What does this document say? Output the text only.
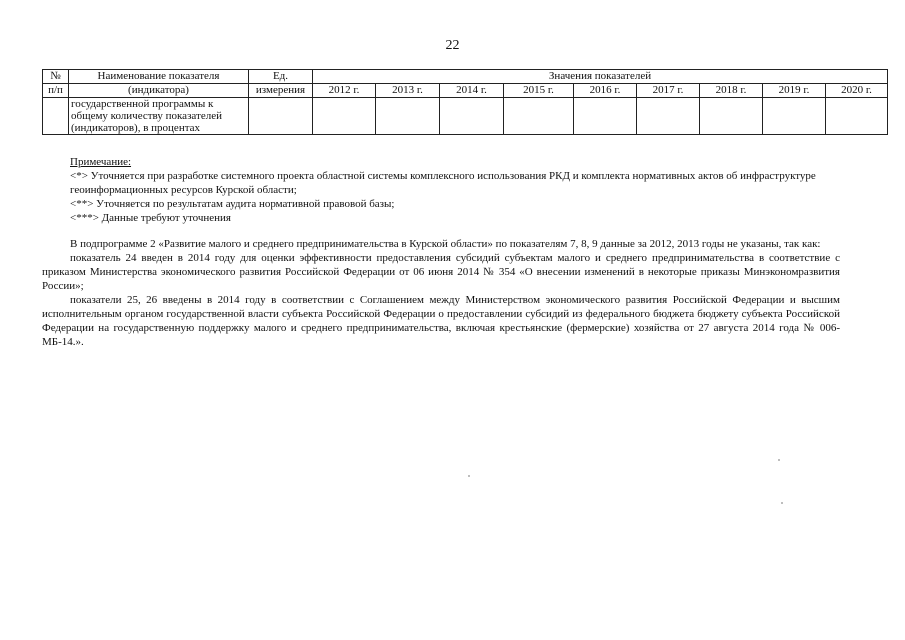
22
№	Наименование показателя	Ед.	Значения показателей								
п/п	(индикатора)	измерения	2012 г.	2013 г.	2014 г.	2015 г.	2016 г.	2017 г.	2018 г.	2019 г.	2020 г.

	государственной программы к
общему количеству показателей
(индикаторов), в процентах										

Примечание:

<*> Уточняется при разработке системного проекта областной системы комплексного использования РКД и комплекта нормативных актов об инфраструктуре геоинформационных ресурсов Курской области;

<**> Уточняется по результатам аудита нормативной правовой базы;

<***> Данные требуют уточнения

В подпрограмме 2 «Развитие малого и среднего предпринимательства в Курской области» по показателям 7, 8, 9 данные за 2012, 2013 годы не указаны, так как:

показатель 24 введен в 2014 году для оценки эффективности предоставления субсидий субъектам малого и среднего предпринимательства в соответствие с приказом Министерства экономического развития Российской Федерации от 06 июня 2014 № 354 «О внесении изменений в некоторые приказы Минэкономразвития России»;

показатели 25, 26 введены в 2014 году в соответствии с Соглашением между Министерством экономического развития Российской Федерации и высшим исполнительным органом государственной власти субъекта Российской Федерации о предоставлении субсидий из федерального бюджета бюджету субъекта Российской Федерации на государственную поддержку малого и среднего предпринимательства, включая крестьянские (фермерские) хозяйства от 27 августа 2014 года № 006-МБ-14.».
